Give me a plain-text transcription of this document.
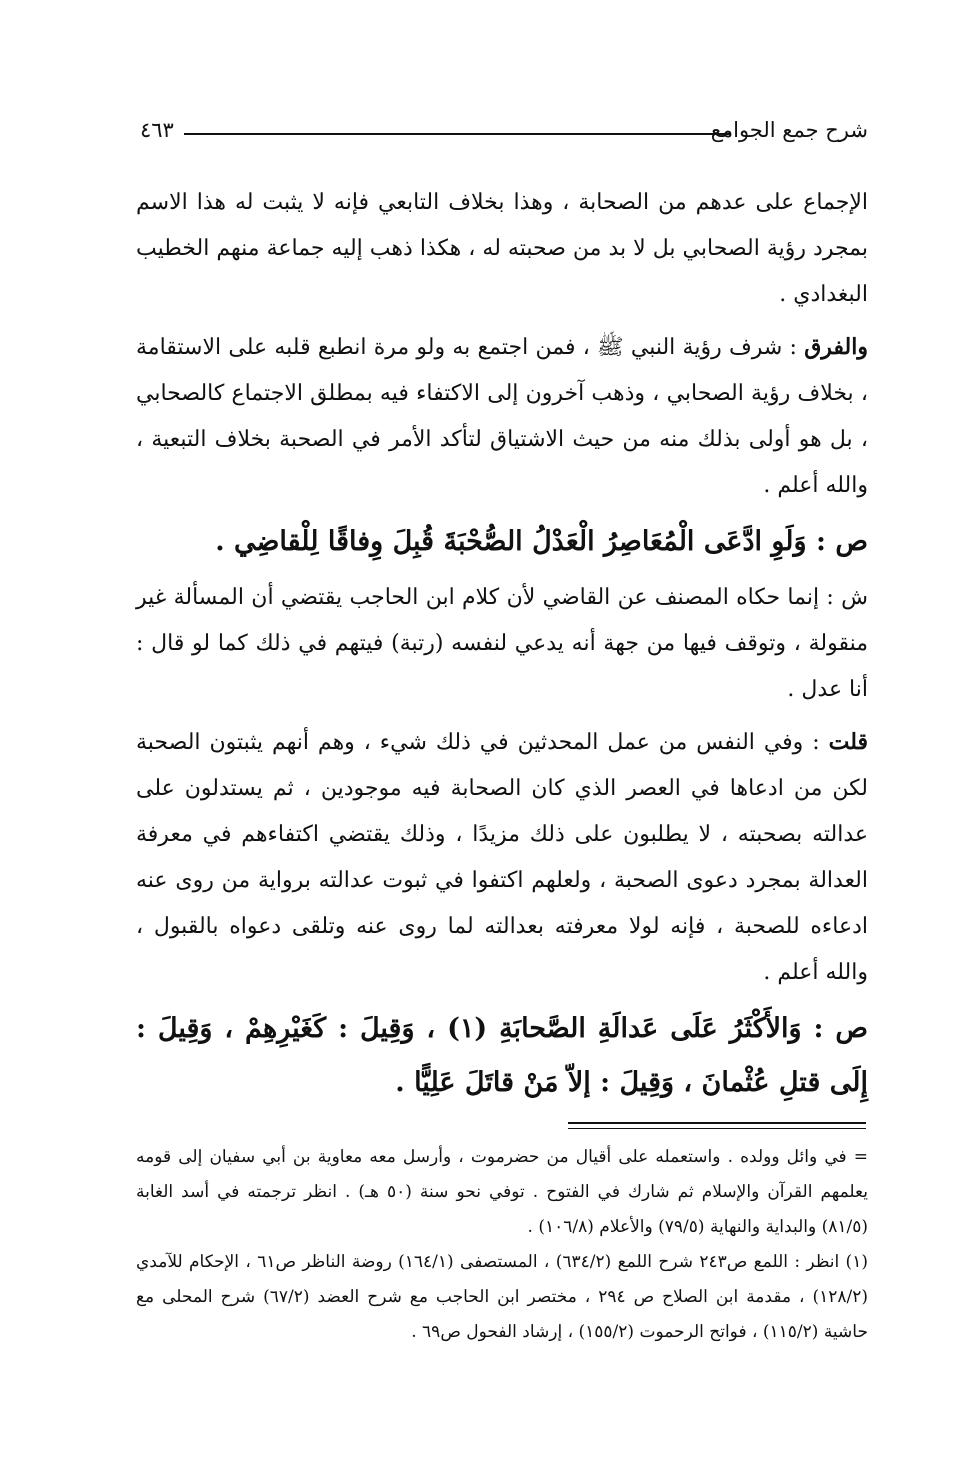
شرح جمع الجوامع
٤٦٣

الإجماع على عدهم من الصحابة ، وهذا بخلاف التابعي فإنه لا يثبت له هذا الاسم بمجرد رؤية الصحابي بل لا بد من صحبته له ، هكذا ذهب إليه جماعة منهم الخطيب البغدادي .

والفرق : شرف رؤية النبي ﷺ ، فمن اجتمع به ولو مرة انطبع قلبه على الاستقامة ، بخلاف رؤية الصحابي ، وذهب آخرون إلى الاكتفاء فيه بمطلق الاجتماع كالصحابي ، بل هو أولى بذلك منه من حيث الاشتياق لتأكد الأمر في الصحبة بخلاف التبعية ، والله أعلم .

ص : وَلَوِ ادَّعَى الْمُعَاصِرُ الْعَدْلُ الصُّحْبَةَ قُبِلَ وِفاقًا لِلْقاضِي .

ش : إنما حكاه المصنف عن القاضي لأن كلام ابن الحاجب يقتضي أن المسألة غير منقولة ، وتوقف فيها من جهة أنه يدعي لنفسه (رتبة) فيتهم في ذلك كما لو قال : أنا عدل .

قلت : وفي النفس من عمل المحدثين في ذلك شيء ، وهم أنهم يثبتون الصحبة لكن من ادعاها في العصر الذي كان الصحابة فيه موجودين ، ثم يستدلون على عدالته بصحبته ، لا يطلبون على ذلك مزيدًا ، وذلك يقتضي اكتفاءهم في معرفة العدالة بمجرد دعوى الصحبة ، ولعلهم اكتفوا في ثبوت عدالته برواية من روى عنه ادعاءه للصحبة ، فإنه لولا معرفته بعدالته لما روى عنه وتلقى دعواه بالقبول ، والله أعلم .

ص : وَالأَكْثَرُ عَلَى عَدالَةِ الصَّحابَةِ (١) ، وَقِيلَ : كَغَيْرِهِمْ ، وَقِيلَ : إِلَى قتلِ عُثْمانَ ، وَقِيلَ : إلاّ مَنْ قاتَلَ عَلِيًّا .

= في وائل وولده . واستعمله على أقيال من حضرموت ، وأرسل معه معاوية بن أبي سفيان إلى قومه يعلمهم القرآن والإسلام ثم شارك في الفتوح . توفي نحو سنة (٥٠ هـ) . انظر ترجمته في أسد الغابة (٨١/٥) والبداية والنهاية (٧٩/٥) والأعلام (١٠٦/٨) .

(١) انظر : اللمع ص٢٤٣ شرح اللمع (٦٣٤/٢) ، المستصفى (١٦٤/١) روضة الناظر ص٦١ ، الإحكام للآمدي (١٢٨/٢) ، مقدمة ابن الصلاح ص ٢٩٤ ، مختصر ابن الحاجب مع شرح العضد (٦٧/٢) شرح المحلى مع حاشية (١١٥/٢) ، فواتح الرحموت (١٥٥/٢) ، إرشاد الفحول ص٦٩ .
